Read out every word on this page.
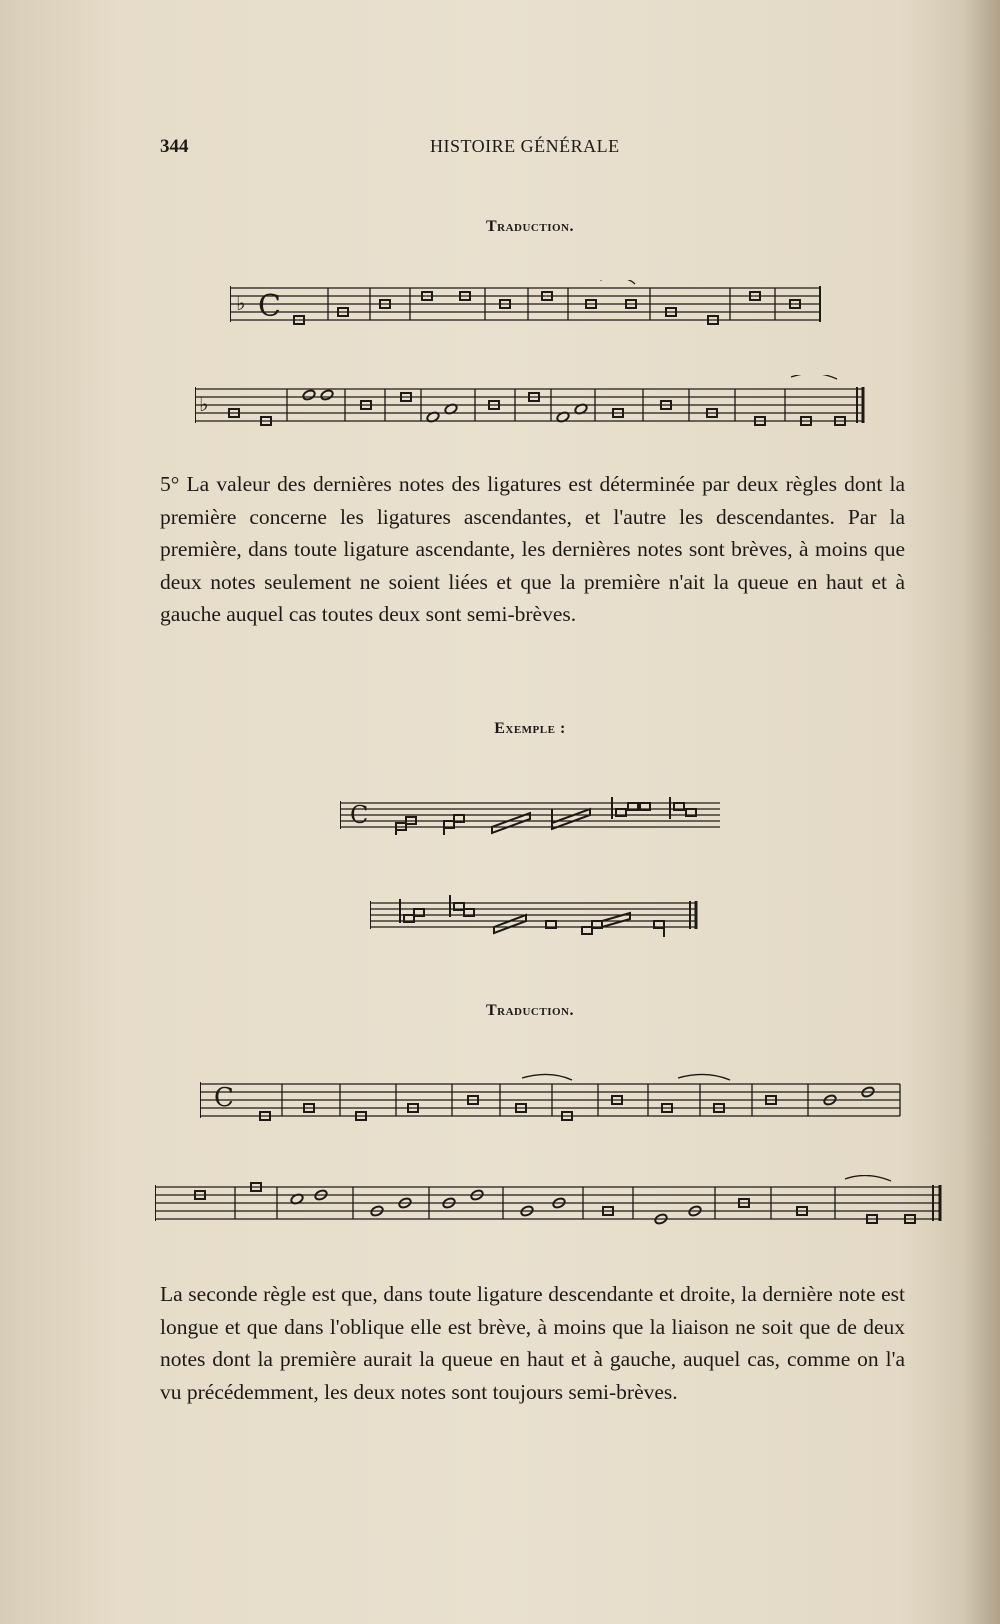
344	HISTOIRE GÉNÉRALE
Traduction.
♭ C
♭

5° La valeur des dernières notes des ligatures est déterminée par deux règles dont la première concerne les ligatures ascendantes, et l'autre les descendantes. Par la première, dans toute ligature ascendante, les dernières notes sont brèves, à moins que deux notes seulement ne soient liées et que la première n'ait la queue en haut et à gauche auquel cas toutes deux sont semi-brèves.

Exemple :
C
Traduction.
C

La seconde règle est que, dans toute ligature descendante et droite, la dernière note est longue et que dans l'oblique elle est brève, à moins que la liaison ne soit que de deux notes dont la première aurait la queue en haut et à gauche, auquel cas, comme on l'a vu précédemment, les deux notes sont toujours semi-brèves.
